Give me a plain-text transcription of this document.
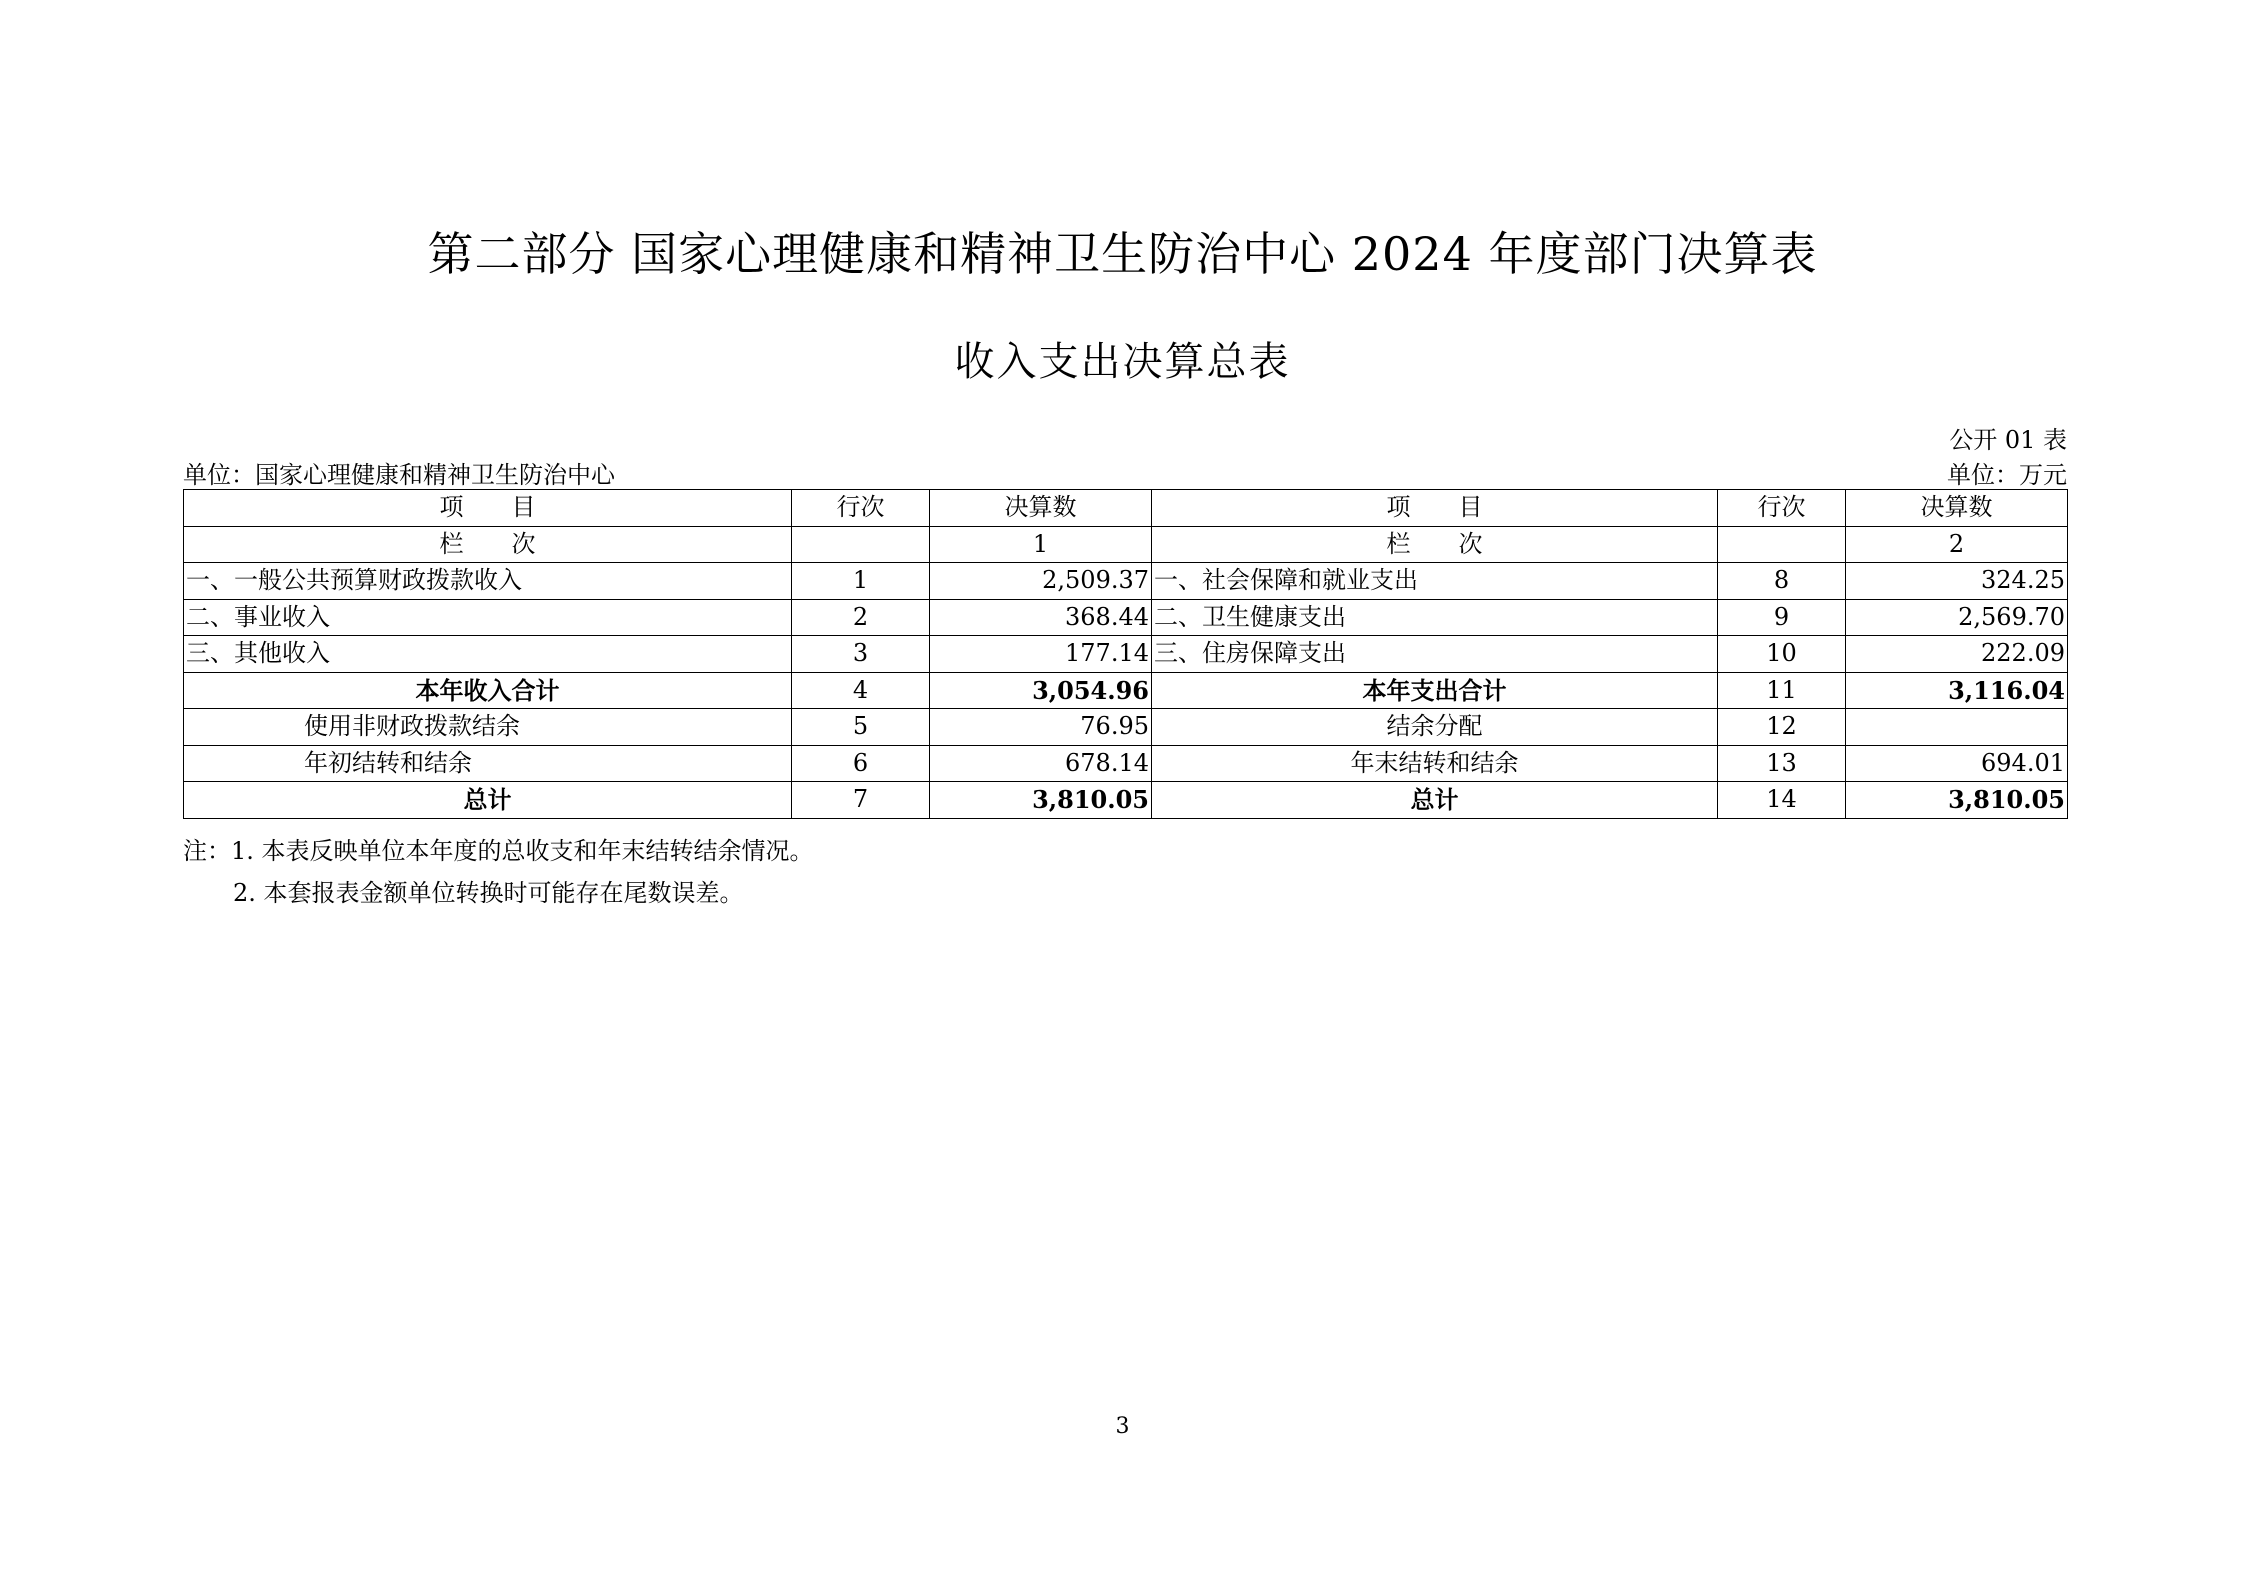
第二部分 国家心理健康和精神卫生防治中心 2024 年度部门决算表
收入支出决算总表
公开 01 表
单位：国家心理健康和精神卫生防治中心	单位：万元
项　　目	行次	决算数	项　　目	行次	决算数
栏　　次		1	栏　　次		2
一、一般公共预算财政拨款收入	1	2,509.37	一、社会保障和就业支出	8	324.25
二、事业收入	2	368.44	二、卫生健康支出	9	2,569.70
三、其他收入	3	177.14	三、住房保障支出	10	222.09
本年收入合计	4	3,054.96	本年支出合计	11	3,116.04
使用非财政拨款结余	5	76.95	结余分配	12	
年初结转和结余	6	678.14	年末结转和结余	13	694.01
总计	7	3,810.05	总计	14	3,810.05
注：1. 本表反映单位本年度的总收支和年末结转结余情况。
2. 本套报表金额单位转换时可能存在尾数误差。
3
